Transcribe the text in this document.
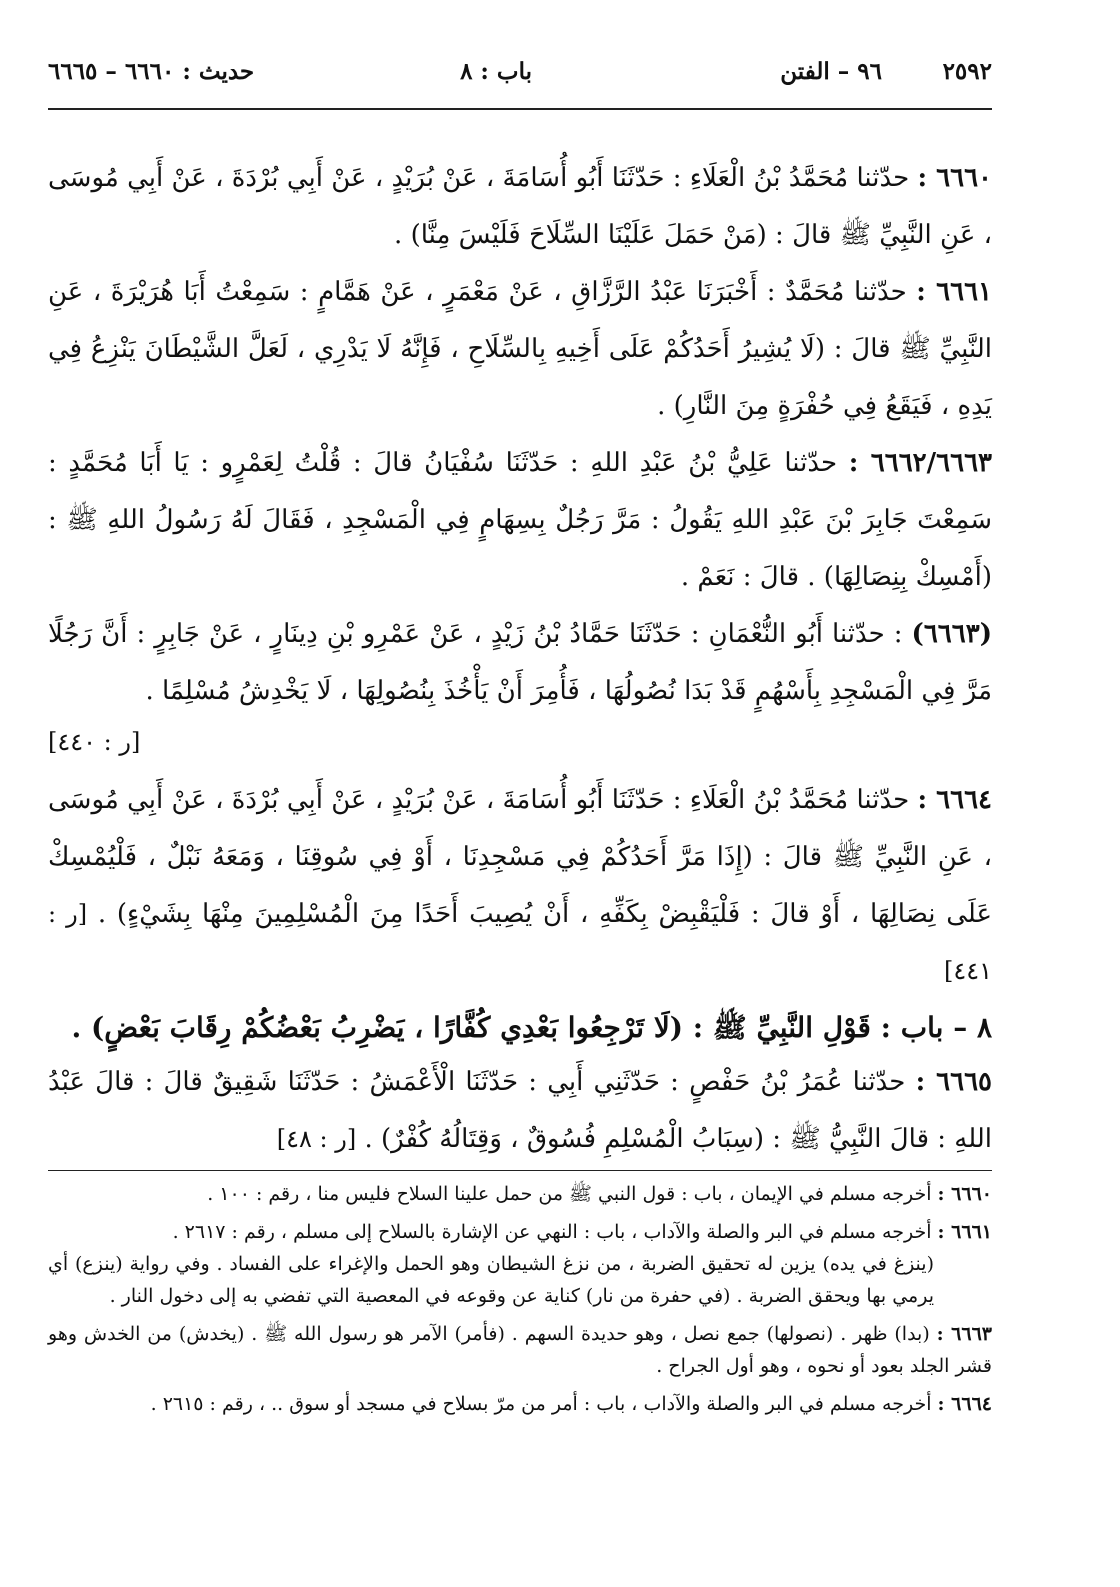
٢٥٩٢
٩٦ – الفتن
باب : ٨
حديث : ٦٦٦٠ – ٦٦٦٥

٦٦٦٠ : حدّثنا مُحَمَّدُ بْنُ الْعَلَاءِ : حَدّثَنَا أَبُو أُسَامَةَ ، عَنْ بُرَيْدٍ ، عَنْ أَبِي بُرْدَةَ ، عَنْ أَبِي مُوسَى ، عَنِ النَّبِيِّ ﷺ قالَ : (مَنْ حَمَلَ عَلَيْنَا السِّلَاحَ فَلَيْسَ مِنَّا) .

٦٦٦١ : حدّثنا مُحَمَّدٌ : أَخْبَرَنَا عَبْدُ الرَّزَّاقِ ، عَنْ مَعْمَرٍ ، عَنْ هَمَّامٍ : سَمِعْتُ أَبَا هُرَيْرَةَ ، عَنِ النَّبِيِّ ﷺ قالَ : (لَا يُشِيرُ أَحَدُكُمْ عَلَى أَخِيهِ بِالسِّلَاحِ ، فَإِنَّهُ لَا يَدْرِي ، لَعَلَّ الشَّيْطَانَ يَنْزِعُ فِي يَدِهِ ، فَيَقَعُ فِي حُفْرَةٍ مِنَ النَّارِ) .

٦٦٦٢/٦٦٦٣ : حدّثنا عَلِيُّ بْنُ عَبْدِ اللهِ : حَدّثَنَا سُفْيَانُ قالَ : قُلْتُ لِعَمْرٍو : يَا أَبَا مُحَمَّدٍ : سَمِعْتَ جَابِرَ بْنَ عَبْدِ اللهِ يَقُولُ : مَرَّ رَجُلٌ بِسِهَامٍ فِي الْمَسْجِدِ ، فَقَالَ لَهُ رَسُولُ اللهِ ﷺ : (أَمْسِكْ بِنِصَالِهَا) . قالَ : نَعَمْ .

(٦٦٦٣) : حدّثنا أَبُو النُّعْمَانِ : حَدّثَنَا حَمَّادُ بْنُ زَيْدٍ ، عَنْ عَمْرِو بْنِ دِينَارٍ ، عَنْ جَابِرٍ : أَنَّ رَجُلًا مَرَّ فِي الْمَسْجِدِ بِأَسْهُمٍ قَدْ بَدَا نُصُولُهَا ، فَأُمِرَ أَنْ يَأْخُذَ بِنُصُولِهَا ، لَا يَخْدِشُ مُسْلِمًا .

[ر : ٤٤٠]

٦٦٦٤ : حدّثنا مُحَمَّدُ بْنُ الْعَلَاءِ : حَدّثَنَا أَبُو أُسَامَةَ ، عَنْ بُرَيْدٍ ، عَنْ أَبِي بُرْدَةَ ، عَنْ أَبِي مُوسَى ، عَنِ النَّبِيِّ ﷺ قالَ : (إِذَا مَرَّ أَحَدُكُمْ فِي مَسْجِدِنَا ، أَوْ فِي سُوقِنَا ، وَمَعَهُ نَبْلٌ ، فَلْيُمْسِكْ عَلَى نِصَالِهَا ، أَوْ قالَ : فَلْيَقْبِضْ بِكَفِّهِ ، أَنْ يُصِيبَ أَحَدًا مِنَ الْمُسْلِمِينَ مِنْهَا بِشَيْءٍ) . [ر : ٤٤١]

٨ – باب : قَوْلِ النَّبِيِّ ﷺ : (لَا تَرْجِعُوا بَعْدِي كُفَّارًا ، يَضْرِبُ بَعْضُكُمْ رِقَابَ بَعْضٍ) .

٦٦٦٥ : حدّثنا عُمَرُ بْنُ حَفْصٍ : حَدّثَنِي أَبِي : حَدّثَنَا الْأَعْمَشُ : حَدّثَنَا شَقِيقٌ قالَ : قالَ عَبْدُ اللهِ : قالَ النَّبِيُّ ﷺ : (سِبَابُ الْمُسْلِمِ فُسُوقٌ ، وَقِتَالُهُ كُفْرٌ) . [ر : ٤٨]

٦٦٦٠ : أخرجه مسلم في الإيمان ، باب : قول النبي ﷺ من حمل علينا السلاح فليس منا ، رقم : ١٠٠ .

٦٦٦١ : أخرجه مسلم في البر والصلة والآداب ، باب : النهي عن الإشارة بالسلاح إلى مسلم ، رقم : ٢٦١٧ .
(ينزغ في يده) يزين له تحقيق الضربة ، من نزغ الشيطان وهو الحمل والإغراء على الفساد . وفي رواية (ينزع) أي يرمي بها ويحقق الضربة . (في حفرة من نار) كناية عن وقوعه في المعصية التي تفضي به إلى دخول النار .

٦٦٦٣ : (بدا) ظهر . (نصولها) جمع نصل ، وهو حديدة السهم . (فأمر) الآمر هو رسول الله ﷺ . (يخدش) من الخدش وهو قشر الجلد بعود أو نحوه ، وهو أول الجراح .

٦٦٦٤ : أخرجه مسلم في البر والصلة والآداب ، باب : أمر من مرّ بسلاح في مسجد أو سوق .. ، رقم : ٢٦١٥ .
